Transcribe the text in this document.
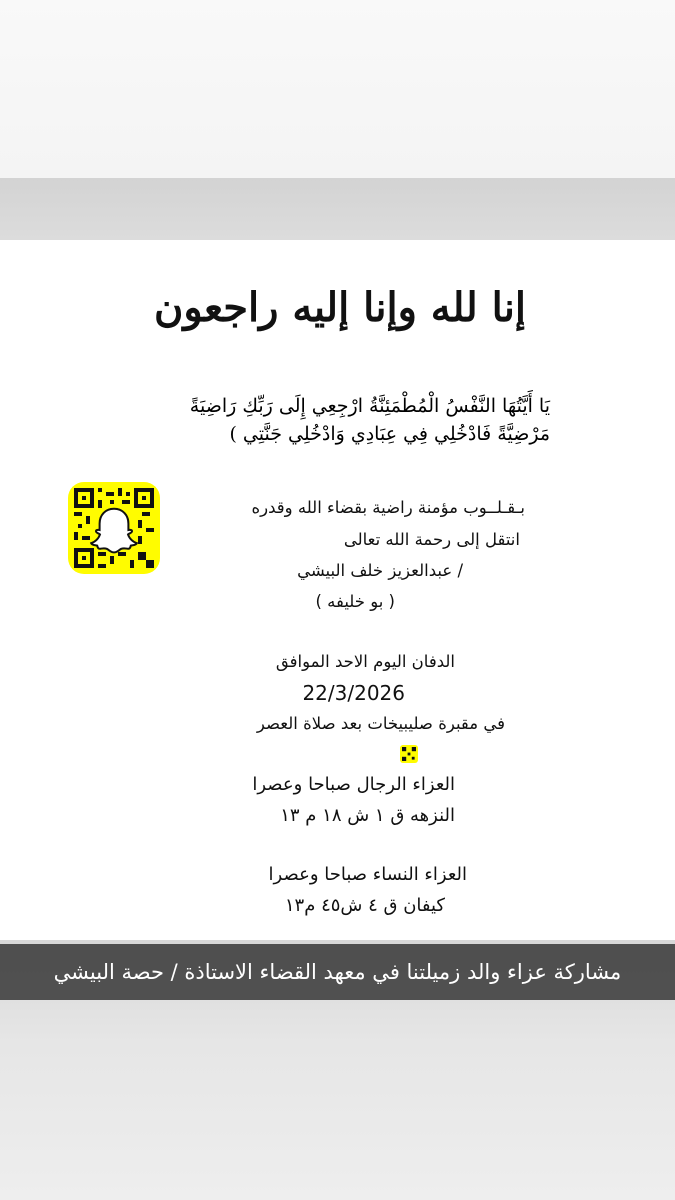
إنا لله وإنا إليه راجعون
يَا أَيَّتُهَا النَّفْسُ الْمُطْمَئِنَّةُ ارْجِعِي إِلَى رَبِّكِ رَاضِيَةً
مَرْضِيَّةً فَادْخُلِي فِي عِبَادِي وَادْخُلِي جَنَّتِي )
بـقـلــوب مؤمنة راضية بقضاء الله وقدره
انتقل إلى رحمة الله تعالى
/ عبدالعزيز خلف البيشي
( بو خليفه )
الدفان اليوم الاحد الموافق
22/3/2026
في مقبرة صليبيخات بعد صلاة العصر
العزاء الرجال صباحا وعصرا
النزهه ق ١ ش ١٨ م ١٣
العزاء النساء صباحا وعصرا
كيفان ق ٤ ش٤٥ م١٣
مشاركة عزاء والد زميلتنا في معهد القضاء الاستاذة / حصة البيشي
